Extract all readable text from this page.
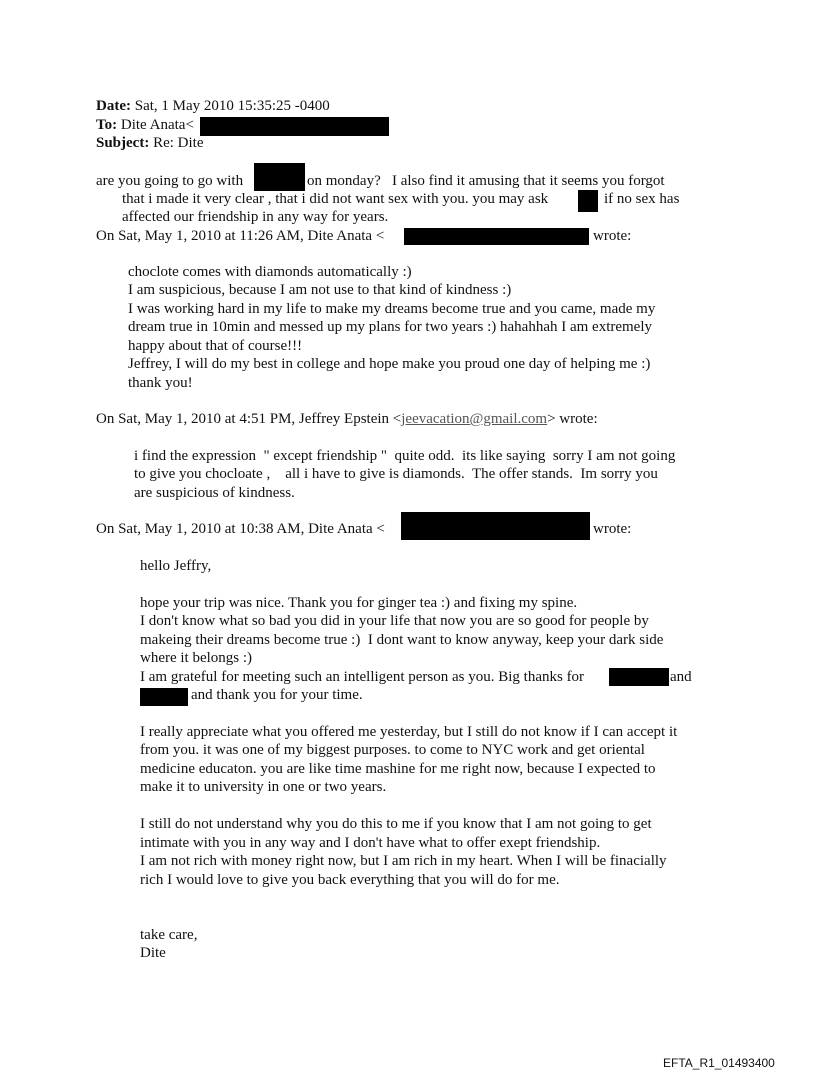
Date: Sat, 1 May 2010 15:35:25 -0400
To: Dite Anata<
Subject: Re: Dite
are you going to go with	on monday?   I also find it amusing that it seems you forgot
that i made it very clear , that i did not want sex with you. you may ask	if no sex has
affected our friendship in any way for years.
On Sat, May 1, 2010 at 11:26 AM, Dite Anata <	wrote:
choclote comes with diamonds automatically :)
I am suspicious, because I am not use to that kind of kindness :)
I was working hard in my life to make my dreams become true and you came, made my
dream true in 10min and messed up my plans for two years :) hahahhah I am extremely
happy about that of course!!!
Jeffrey, I will do my best in college and hope make you proud one day of helping me :)
thank you!
On Sat, May 1, 2010 at 4:51 PM, Jeffrey Epstein <jeevacation@gmail.com> wrote:
i find the expression  " except friendship "  quite odd.  its like saying  sorry I am not going
to give you chocloate ,    all i have to give is diamonds.  The offer stands.  Im sorry you
are suspicious of kindness.
On Sat, May 1, 2010 at 10:38 AM, Dite Anata <	wrote:
hello Jeffry,
hope your trip was nice. Thank you for ginger tea :) and fixing my spine.
I don't know what so bad you did in your life that now you are so good for people by
makeing their dreams become true :)  I dont want to know anyway, keep your dark side
where it belongs :)
I am grateful for meeting such an intelligent person as you. Big thanks for	and
and thank you for your time.
I really appreciate what you offered me yesterday, but I still do not know if I can accept it
from you. it was one of my biggest purposes. to come to NYC work and get oriental
medicine educaton. you are like time mashine for me right now, because I expected to
make it to university in one or two years.
I still do not understand why you do this to me if you know that I am not going to get
intimate with you in any way and I don't have what to offer exept friendship.
I am not rich with money right now, but I am rich in my heart. When I will be finacially
rich I would love to give you back everything that you will do for me.
take care,
Dite
EFTA_R1_01493400
